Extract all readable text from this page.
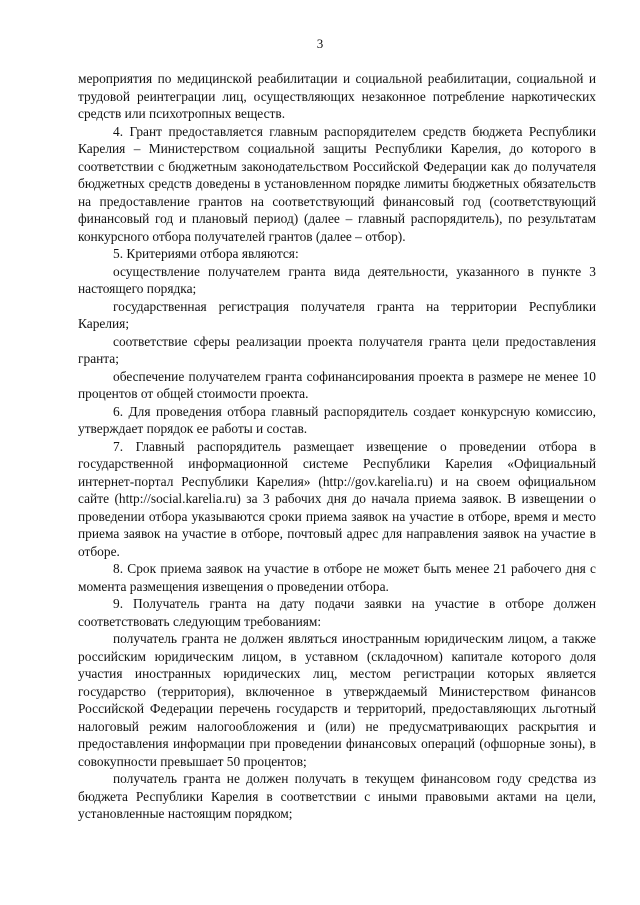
3

мероприятия по медицинской реабилитации и социальной реабилитации, социальной и трудовой реинтеграции лиц, осуществляющих незаконное потребление наркотических средств или психотропных веществ.

4. Грант предоставляется главным распорядителем средств бюджета Республики Карелия – Министерством социальной защиты Республики Карелия, до которого в соответствии с бюджетным законодательством Российской Федерации как до получателя бюджетных средств доведены в установленном порядке лимиты бюджетных обязательств на предоставление грантов на соответствующий финансовый год (соответствующий финансовый год и плановый период) (далее – главный распорядитель), по результатам конкурсного отбора получателей грантов (далее – отбор).

5. Критериями отбора являются:

осуществление получателем гранта вида деятельности, указанного в пункте 3 настоящего порядка;

государственная регистрация получателя гранта на территории Республики Карелия;

соответствие сферы реализации проекта получателя гранта цели предоставления гранта;

обеспечение получателем гранта софинансирования проекта в размере не менее 10 процентов от общей стоимости проекта.

6. Для проведения отбора главный распорядитель создает конкурсную комиссию, утверждает порядок ее работы и состав.

7. Главный распорядитель размещает извещение о проведении отбора в государственной информационной системе Республики Карелия «Официальный интернет-портал Республики Карелия» (http://gov.karelia.ru) и на своем официальном сайте (http://social.karelia.ru) за 3 рабочих дня до начала приема заявок. В извещении о проведении отбора указываются сроки приема заявок на участие в отборе, время и место приема заявок на участие в отборе, почтовый адрес для направления заявок на участие в отборе.

8. Срок приема заявок на участие в отборе не может быть менее 21 рабочего дня с момента размещения извещения о проведении отбора.

9. Получатель гранта на дату подачи заявки на участие в отборе должен соответствовать следующим требованиям:

получатель гранта не должен являться иностранным юридическим лицом, а также российским юридическим лицом, в уставном (складочном) капитале которого доля участия иностранных юридических лиц, местом регистрации которых является государство (территория), включенное в утверждаемый Министерством финансов Российской Федерации перечень государств и территорий, предоставляющих льготный налоговый режим налогообложения и (или) не предусматривающих раскрытия и предоставления информации при проведении финансовых операций (офшорные зоны), в совокупности превышает 50 процентов;

получатель гранта не должен получать в текущем финансовом году средства из бюджета Республики Карелия в соответствии с иными правовыми актами на цели, установленные настоящим порядком;
